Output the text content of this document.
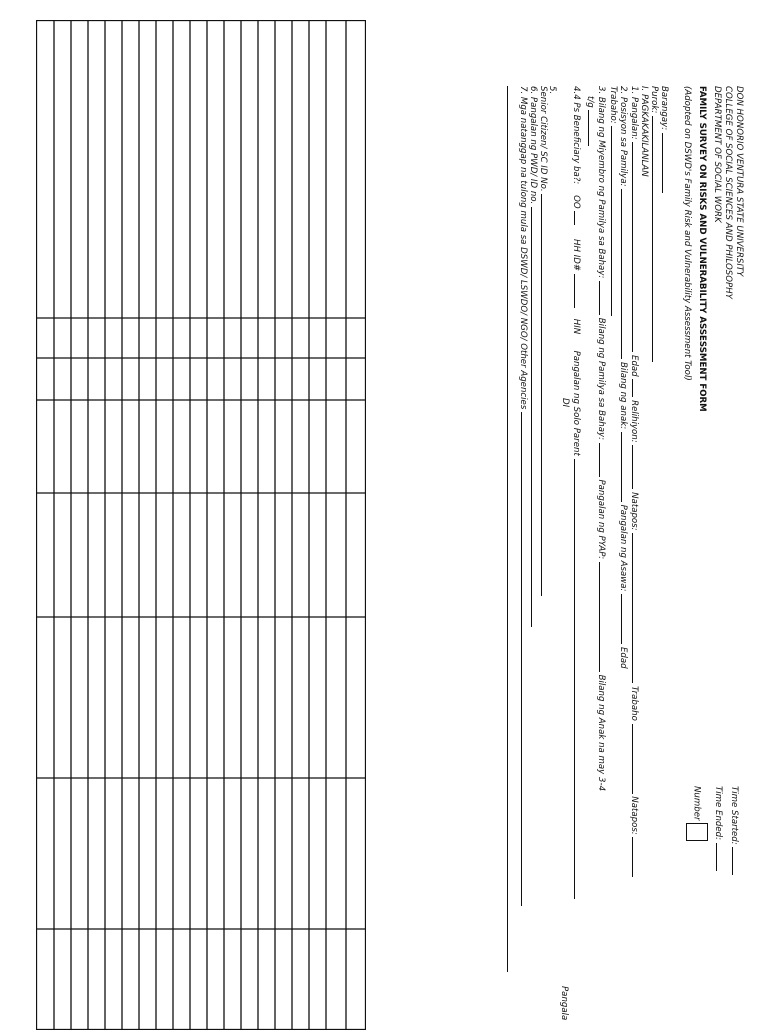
DON HONORIO VENTURA STATE UNIVERSITY
COLLEGE OF SOCIAL SCIENCES AND PHILOSOPHY
DEPARTMENT OF SOCIAL WORK
FAMILY SURVEY ON RISKS AND VULNERABILITY ASSESSMENT FORM
(Adopted on DSWD's Family Risk and Vulnerability Assessment Tool)
Time Started:
Time Ended:
Number
Barangay:
Purok:
I. PAGKAKAKILANLAN
1. Pangalan:  Edad  Relihiyon:  Natapos:  Trabaho  Natapos:
2. Posisyon sa Pamilya:  Bilang ng anak:  Pangalan ng Asawa:  Edad
Trabaho:
3. Bilang ng Miyembro ng Pamilya sa Bahay:  Bilang ng Pamilya sa Bahay:  Pangalan ng PYAP:  Bilang ng Anak na may 3-4
t/g
4.4 Ps Beneficiary ba?:    OO      HH ID#     HIN      Pangalan ng Solo Parent
DI
5.
Senior Citizen/ SC ID No.
6. Pangalan ng PWD/ ID no.
7. Mga natanggap na tulong mula sa DSWD/ LSWDO/ NGO/ Other Agencies
Pangala
